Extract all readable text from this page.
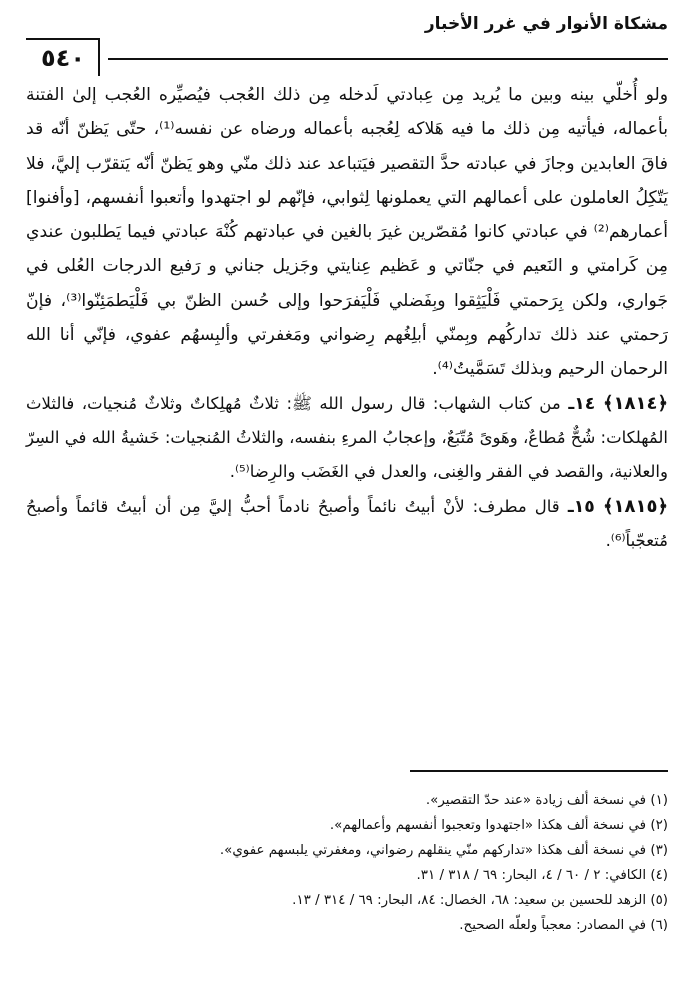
مشكاة الأنوار في غرر الأخبار
٥٤٠

ولو أُخلّي بينه وبين ما يُريد مِن عِبادتي لَدخله مِن ذلك العُجب فيُصيِّره العُجب إلىٰ الفتنة بأعماله، فيأتيه مِن ذلك ما فيه هَلاكه لِعُجبه بأعماله ورضاه عن نفسه⁽¹⁾، حتّى يَظنّ أنّه قد فاقَ العابدين وجازَ في عبادته حدَّ التقصير فيَتباعد عند ذلك منّي وهو يَظنّ أنّه يَتقرّب إليَّ، فلا يَتّكِلُ العاملون على أعمالهم التي يعملونها لِثوابي، فإنّهم لو اجتهدوا وأتعبوا أنفسهم، [وأفنوا] أعمارهم⁽²⁾ في عبادتي كانوا مُقصّرين غيرَ بالغين في عبادتهم كُنْهَ عبادتي فيما يَطلبون عندي مِن كَرامتي و النَعيم في جنّاتي و عَظيم عِنايتي وجَزيل جناني و رَفيع الدرجات العُلى في جَواري، ولكن بِرَحمتي فَلْيَثِقوا وبِفَضلي فَلْيَفرَحوا وإلى حُسن الظنّ بي فَلْيَطمَئِنّوا⁽³⁾، فإنّ رَحمتي عند ذلك تداركُهم وبِمنّي أبلِغُهم رِضواني ومَغفرتي وألبِسهُم عفوي، فإنّي أنا الله الرحمان الرحيم وبذلك تَسَمَّيتُ⁽⁴⁾.

﴿١٨١٤﴾ ١٤ـ من كتاب الشهاب: قال رسول الله ﷺ: ثلاثٌ مُهلِكاتٌ وثلاثٌ مُنجيات، فالثلاث المُهلكات: شُحٌّ مُطاعٌ، وهَوىً مُتّبَعٌ، وإعجابُ المرءِ بنفسه، والثلاثُ المُنجيات: خَشيةُ الله في السِرّ والعلانية، والقصد في الفقر والغِنى، والعدل في الغَضَب والرِضا⁽⁵⁾.

﴿١٨١٥﴾ ١٥ـ قال مطرف: لأنْ أبيتُ نائماً وأصبحُ نادماً أحبُّ إليَّ مِن أن أبيتُ قائماً وأصبحُ مُتعجّباً⁽⁶⁾.

(١) في نسخة ألف زيادة «عند حدّ التقصير».

(٢) في نسخة ألف هكذا «اجتهدوا وتعجبوا أنفسهم وأعمالهم».

(٣) في نسخة ألف هكذا «تداركهم منّي ينقلهم رضواني، ومغفرتي يلبسهم عفوي».

(٤) الكافي: ٢ / ٦٠ / ٤، البحار: ٦٩ / ٣١٨ / ٣١.

(٥) الزهد للحسين بن سعيد: ٦٨، الخصال: ٨٤، البحار: ٦٩ / ٣١٤ / ١٣.

(٦) في المصادر: معجباً ولعلّه الصحيح.
